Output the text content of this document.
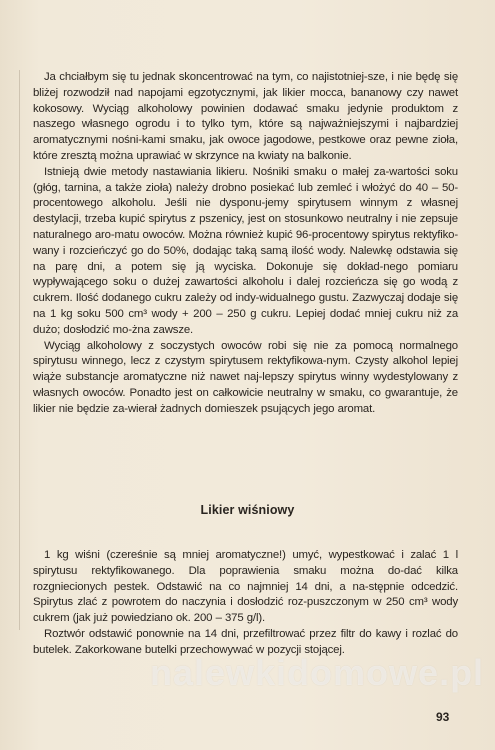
Ja chciałbym się tu jednak skoncentrować na tym, co najistotniej-sze, i nie będę się bliżej rozwodził nad napojami egzotycznymi, jak likier mocca, bananowy czy nawet kokosowy. Wyciąg alkoholowy powinien dodawać smaku jedynie produktom z naszego własnego ogrodu i to tylko tym, które są najważniejszymi i najbardziej aromatycznymi nośni-kami smaku, jak owoce jagodowe, pestkowe oraz pewne zioła, które zresztą można uprawiać w skrzynce na kwiaty na balkonie.

Istnieją dwie metody nastawiania likieru. Nośniki smaku o małej za-wartości soku (głóg, tarnina, a także zioła) należy drobno posiekać lub zemleć i włożyć do 40 – 50-procentowego alkoholu. Jeśli nie dysponu-jemy spirytusem winnym z własnej destylacji, trzeba kupić spirytus z pszenicy, jest on stosunkowo neutralny i nie zepsuje naturalnego aro-matu owoców. Można również kupić 96-procentowy spirytus rektyfiko-wany i rozcieńczyć go do 50%, dodając taką samą ilość wody. Nalewkę odstawia się na parę dni, a potem się ją wyciska. Dokonuje się dokład-nego pomiaru wypływającego soku o dużej zawartości alkoholu i dalej rozcieńcza się go wodą z cukrem. Ilość dodanego cukru zależy od indy-widualnego gustu. Zazwyczaj dodaje się na 1 kg soku 500 cm³ wody + 200 – 250 g cukru. Lepiej dodać mniej cukru niż za dużo; dosłodzić mo-żna zawsze.

Wyciąg alkoholowy z soczystych owoców robi się nie za pomocą normalnego spirytusu winnego, lecz z czystym spirytusem rektyfikowa-nym. Czysty alkohol lepiej wiąże substancje aromatyczne niż nawet naj-lepszy spirytus winny wydestylowany z własnych owoców. Ponadto jest on całkowicie neutralny w smaku, co gwarantuje, że likier nie będzie za-wierał żadnych domieszek psujących jego aromat.

Likier wiśniowy

1 kg wiśni (czereśnie są mniej aromatyczne!) umyć, wypestkować i zalać 1 l spirytusu rektyfikowanego. Dla poprawienia smaku można do-dać kilka rozgniecionych pestek. Odstawić na co najmniej 14 dni, a na-stępnie odcedzić. Spirytus zlać z powrotem do naczynia i dosłodzić roz-puszczonym w 250 cm³ wody cukrem (jak już powiedziano ok. 200 – 375 g/l).

Roztwór odstawić ponownie na 14 dni, przefiltrować przez filtr do kawy i rozlać do butelek. Zakorkowane butelki przechowywać w pozycji stojącej.

nalewkidomowe.pl
93
